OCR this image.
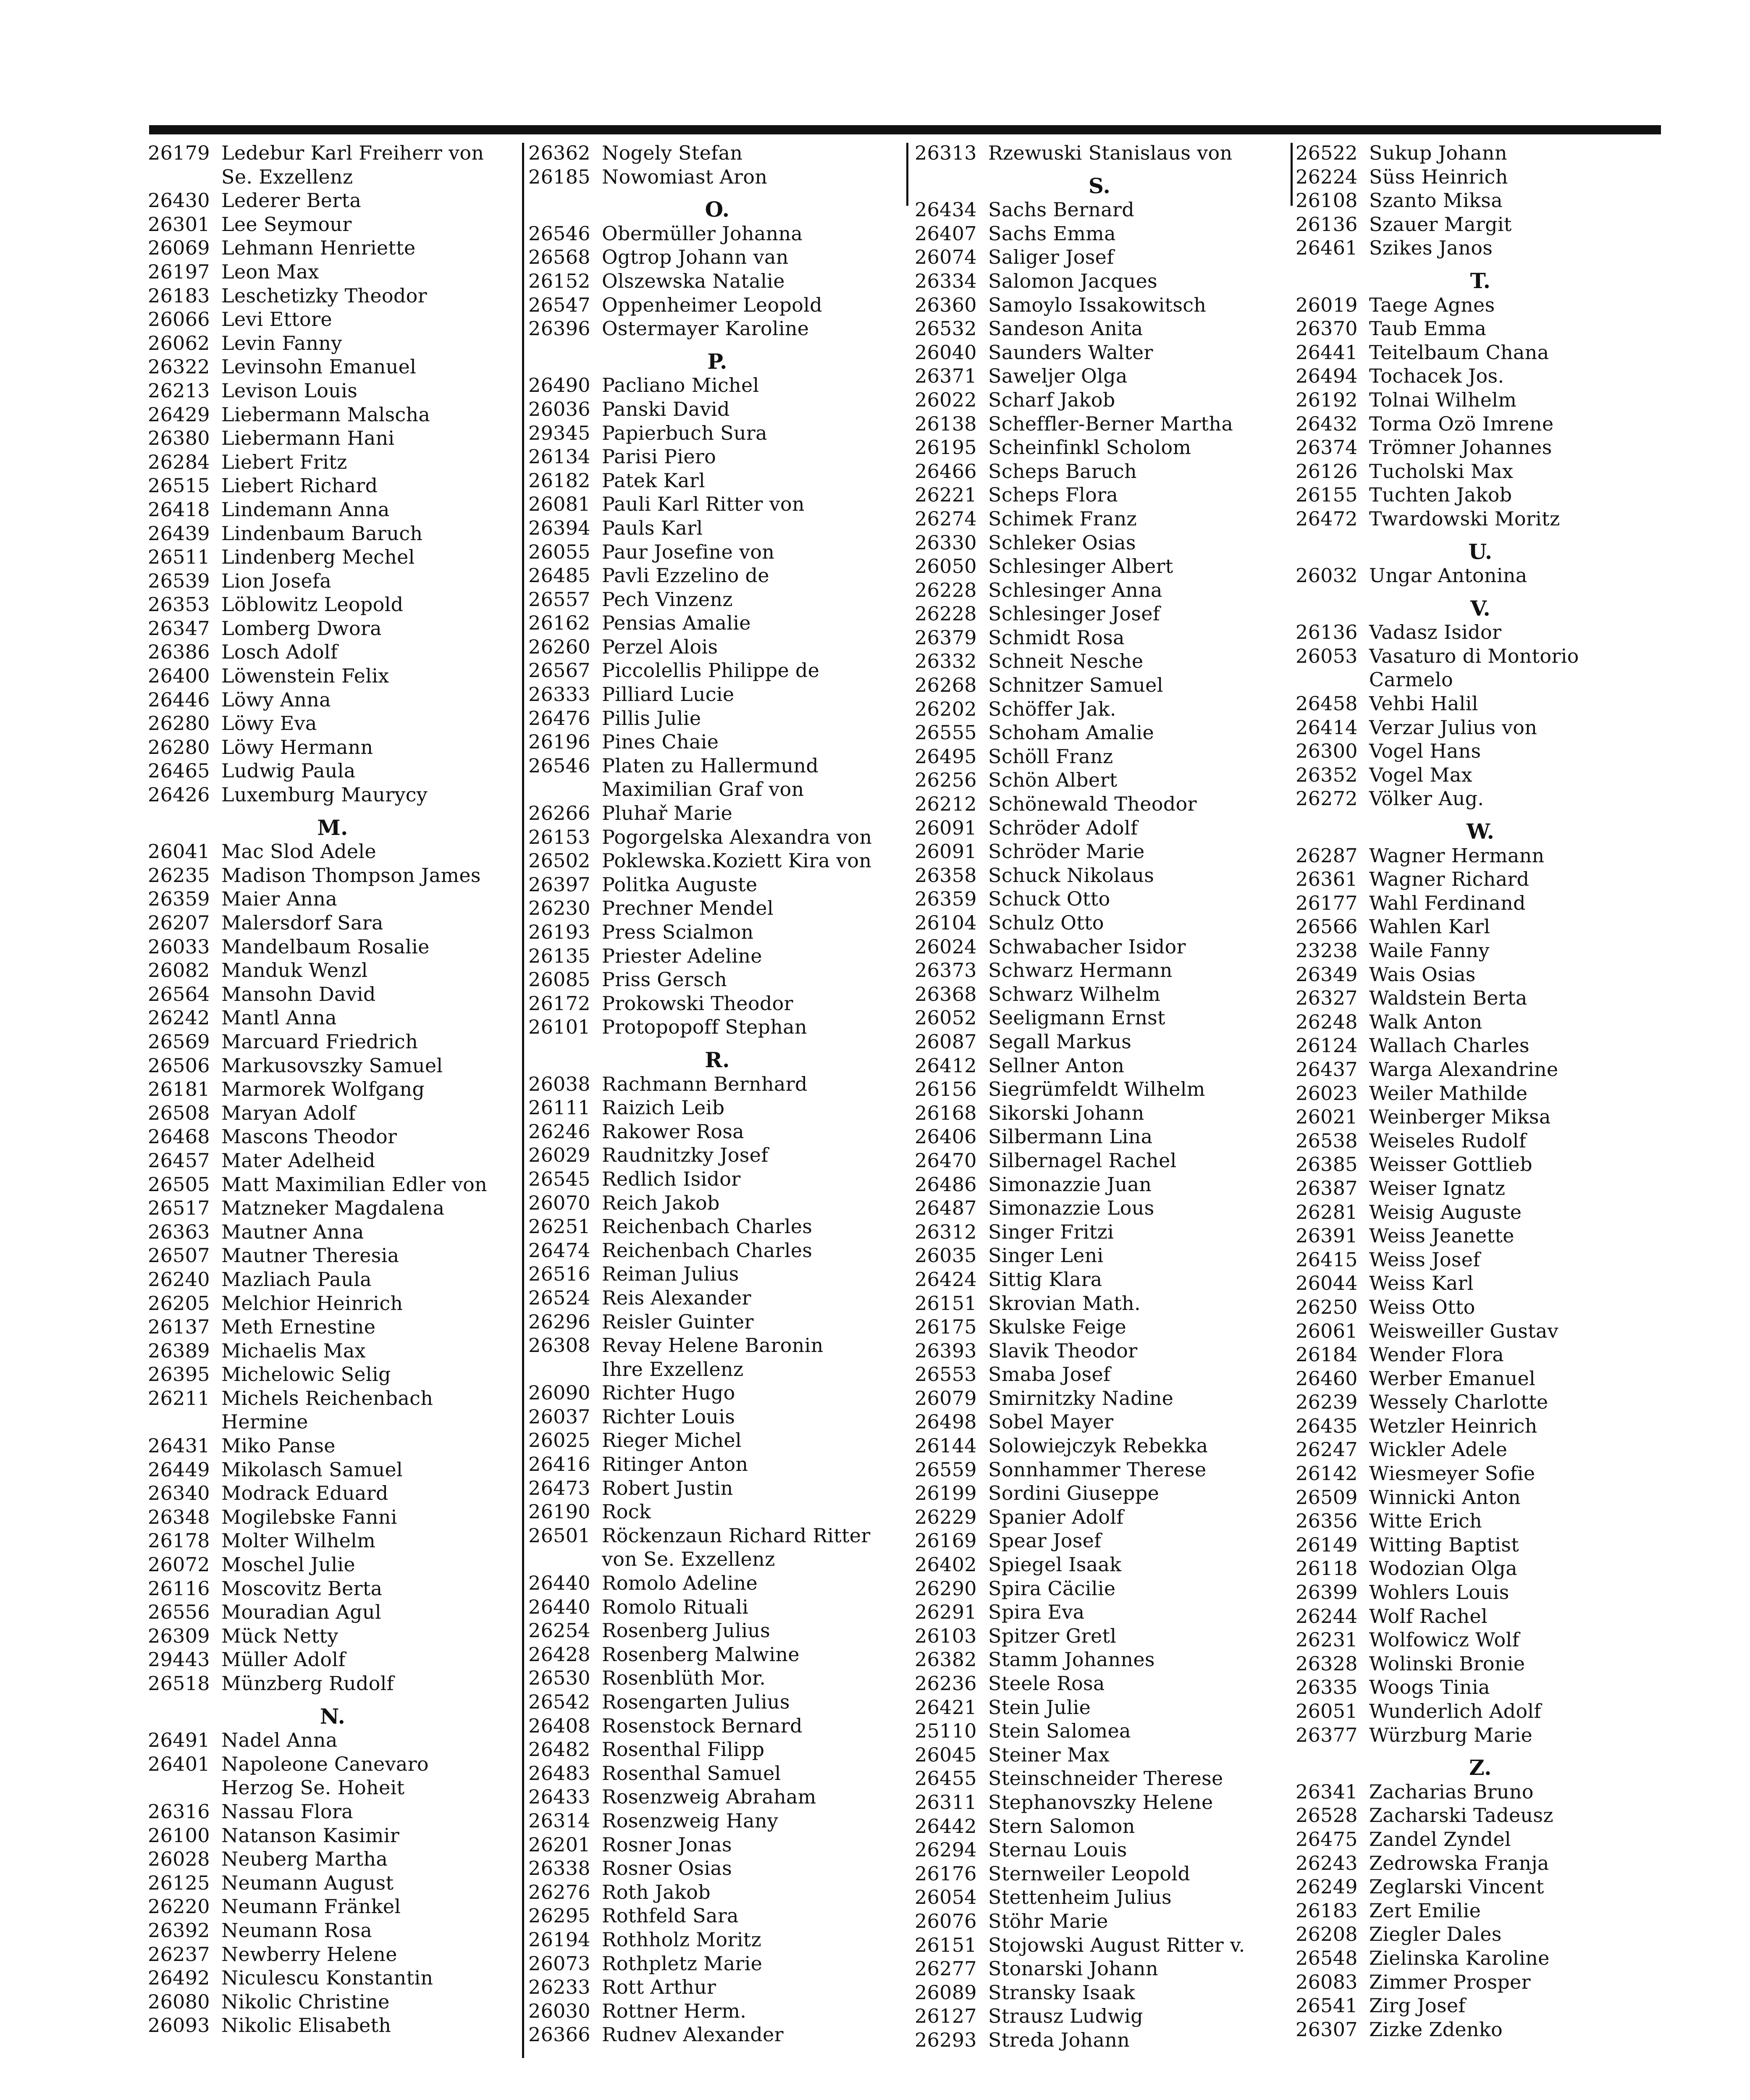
26179 Ledebur Karl Freiherr von
Se. Exzellenz
26430 Lederer Berta
26301 Lee Seymour
26069 Lehmann Henriette
26197 Leon Max
26183 Leschetizky Theodor
26066 Levi Ettore
26062 Levin Fanny
26322 Levinsohn Emanuel
26213 Levison Louis
26429 Liebermann Malscha
26380 Liebermann Hani
26284 Liebert Fritz
26515 Liebert Richard
26418 Lindemann Anna
26439 Lindenbaum Baruch
26511 Lindenberg Mechel
26539 Lion Josefa
26353 Löblowitz Leopold
26347 Lomberg Dwora
26386 Losch Adolf
26400 Löwenstein Felix
26446 Löwy Anna
26280 Löwy Eva
26280 Löwy Hermann
26465 Ludwig Paula
26426 Luxemburg Maurycy
M.
26041 Mac Slod Adele
26235 Madison Thompson James
26359 Maier Anna
26207 Malersdorf Sara
26033 Mandelbaum Rosalie
26082 Manduk Wenzl
26564 Mansohn David
26242 Mantl Anna
26569 Marcuard Friedrich
26506 Markusovszky Samuel
26181 Marmorek Wolfgang
26508 Maryan Adolf
26468 Mascons Theodor
26457 Mater Adelheid
26505 Matt Maximilian Edler von
26517 Matzneker Magdalena
26363 Mautner Anna
26507 Mautner Theresia
26240 Mazliach Paula
26205 Melchior Heinrich
26137 Meth Ernestine
26389 Michaelis Max
26395 Michelowic Selig
26211 Michels Reichenbach
Hermine
26431 Miko Panse
26449 Mikolasch Samuel
26340 Modrack Eduard
26348 Mogilebske Fanni
26178 Molter Wilhelm
26072 Moschel Julie
26116 Moscovitz Berta
26556 Mouradian Agul
26309 Mück Netty
29443 Müller Adolf
26518 Münzberg Rudolf
N.
26491 Nadel Anna
26401 Napoleone Canevaro
Herzog Se. Hoheit
26316 Nassau Flora
26100 Natanson Kasimir
26028 Neuberg Martha
26125 Neumann August
26220 Neumann Fränkel
26392 Neumann Rosa
26237 Newberry Helene
26492 Niculescu Konstantin
26080 Nikolic Christine
26093 Nikolic Elisabeth
26362 Nogely Stefan
26185 Nowomiast Aron
O.
26546 Obermüller Johanna
26568 Ogtrop Johann van
26152 Olszewska Natalie
26547 Oppenheimer Leopold
26396 Ostermayer Karoline
P.
26490 Pacliano Michel
26036 Panski David
29345 Papierbuch Sura
26134 Parisi Piero
26182 Patek Karl
26081 Pauli Karl Ritter von
26394 Pauls Karl
26055 Paur Josefine von
26485 Pavli Ezzelino de
26557 Pech Vinzenz
26162 Pensias Amalie
26260 Perzel Alois
26567 Piccolellis Philippe de
26333 Pilliard Lucie
26476 Pillis Julie
26196 Pines Chaie
26546 Platen zu Hallermund
Maximilian Graf von
26266 Pluhař Marie
26153 Pogorgelska Alexandra von
26502 Poklewska.Koziett Kira von
26397 Politka Auguste
26230 Prechner Mendel
26193 Press Scialmon
26135 Priester Adeline
26085 Priss Gersch
26172 Prokowski Theodor
26101 Protopopoff Stephan
R.
26038 Rachmann Bernhard
26111 Raizich Leib
26246 Rakower Rosa
26029 Raudnitzky Josef
26545 Redlich Isidor
26070 Reich Jakob
26251 Reichenbach Charles
26474 Reichenbach Charles
26516 Reiman Julius
26524 Reis Alexander
26296 Reisler Guinter
26308 Revay Helene Baronin
Ihre Exzellenz
26090 Richter Hugo
26037 Richter Louis
26025 Rieger Michel
26416 Ritinger Anton
26473 Robert Justin
26190 Rock
26501 Röckenzaun Richard Ritter
von Se. Exzellenz
26440 Romolo Adeline
26440 Romolo Rituali
26254 Rosenberg Julius
26428 Rosenberg Malwine
26530 Rosenblüth Mor.
26542 Rosengarten Julius
26408 Rosenstock Bernard
26482 Rosenthal Filipp
26483 Rosenthal Samuel
26433 Rosenzweig Abraham
26314 Rosenzweig Hany
26201 Rosner Jonas
26338 Rosner Osias
26276 Roth Jakob
26295 Rothfeld Sara
26194 Rothholz Moritz
26073 Rothpletz Marie
26233 Rott Arthur
26030 Rottner Herm.
26366 Rudnev Alexander
26313 Rzewuski Stanislaus von
S.
26434 Sachs Bernard
26407 Sachs Emma
26074 Saliger Josef
26334 Salomon Jacques
26360 Samoylo Issakowitsch
26532 Sandeson Anita
26040 Saunders Walter
26371 Saweljer Olga
26022 Scharf Jakob
26138 Scheffler-Berner Martha
26195 Scheinfinkl Scholom
26466 Scheps Baruch
26221 Scheps Flora
26274 Schimek Franz
26330 Schleker Osias
26050 Schlesinger Albert
26228 Schlesinger Anna
26228 Schlesinger Josef
26379 Schmidt Rosa
26332 Schneit Nesche
26268 Schnitzer Samuel
26202 Schöffer Jak.
26555 Schoham Amalie
26495 Schöll Franz
26256 Schön Albert
26212 Schönewald Theodor
26091 Schröder Adolf
26091 Schröder Marie
26358 Schuck Nikolaus
26359 Schuck Otto
26104 Schulz Otto
26024 Schwabacher Isidor
26373 Schwarz Hermann
26368 Schwarz Wilhelm
26052 Seeligmann Ernst
26087 Segall Markus
26412 Sellner Anton
26156 Siegrümfeldt Wilhelm
26168 Sikorski Johann
26406 Silbermann Lina
26470 Silbernagel Rachel
26486 Simonazzie Juan
26487 Simonazzie Lous
26312 Singer Fritzi
26035 Singer Leni
26424 Sittig Klara
26151 Skrovian Math.
26175 Skulske Feige
26393 Slavik Theodor
26553 Smaba Josef
26079 Smirnitzky Nadine
26498 Sobel Mayer
26144 Solowiejczyk Rebekka
26559 Sonnhammer Therese
26199 Sordini Giuseppe
26229 Spanier Adolf
26169 Spear Josef
26402 Spiegel Isaak
26290 Spira Cäcilie
26291 Spira Eva
26103 Spitzer Gretl
26382 Stamm Johannes
26236 Steele Rosa
26421 Stein Julie
25110 Stein Salomea
26045 Steiner Max
26455 Steinschneider Therese
26311 Stephanovszky Helene
26442 Stern Salomon
26294 Sternau Louis
26176 Sternweiler Leopold
26054 Stettenheim Julius
26076 Stöhr Marie
26151 Stojowski August Ritter v.
26277 Stonarski Johann
26089 Stransky Isaak
26127 Strausz Ludwig
26293 Streda Johann
26522 Sukup Johann
26224 Süss Heinrich
26108 Szanto Miksa
26136 Szauer Margit
26461 Szikes Janos
T.
26019 Taege Agnes
26370 Taub Emma
26441 Teitelbaum Chana
26494 Tochacek Jos.
26192 Tolnai Wilhelm
26432 Torma Ozö Imrene
26374 Trömner Johannes
26126 Tucholski Max
26155 Tuchten Jakob
26472 Twardowski Moritz
U.
26032 Ungar Antonina
V.
26136 Vadasz Isidor
26053 Vasaturo di Montorio
Carmelo
26458 Vehbi Halil
26414 Verzar Julius von
26300 Vogel Hans
26352 Vogel Max
26272 Völker Aug.
W.
26287 Wagner Hermann
26361 Wagner Richard
26177 Wahl Ferdinand
26566 Wahlen Karl
23238 Waile Fanny
26349 Wais Osias
26327 Waldstein Berta
26248 Walk Anton
26124 Wallach Charles
26437 Warga Alexandrine
26023 Weiler Mathilde
26021 Weinberger Miksa
26538 Weiseles Rudolf
26385 Weisser Gottlieb
26387 Weiser Ignatz
26281 Weisig Auguste
26391 Weiss Jeanette
26415 Weiss Josef
26044 Weiss Karl
26250 Weiss Otto
26061 Weisweiller Gustav
26184 Wender Flora
26460 Werber Emanuel
26239 Wessely Charlotte
26435 Wetzler Heinrich
26247 Wickler Adele
26142 Wiesmeyer Sofie
26509 Winnicki Anton
26356 Witte Erich
26149 Witting Baptist
26118 Wodozian Olga
26399 Wohlers Louis
26244 Wolf Rachel
26231 Wolfowicz Wolf
26328 Wolinski Bronie
26335 Woogs Tinia
26051 Wunderlich Adolf
26377 Würzburg Marie
Z.
26341 Zacharias Bruno
26528 Zacharski Tadeusz
26475 Zandel Zyndel
26243 Zedrowska Franja
26249 Zeglarski Vincent
26183 Zert Emilie
26208 Ziegler Dales
26548 Zielinska Karoline
26083 Zimmer Prosper
26541 Zirg Josef
26307 Zizke Zdenko
